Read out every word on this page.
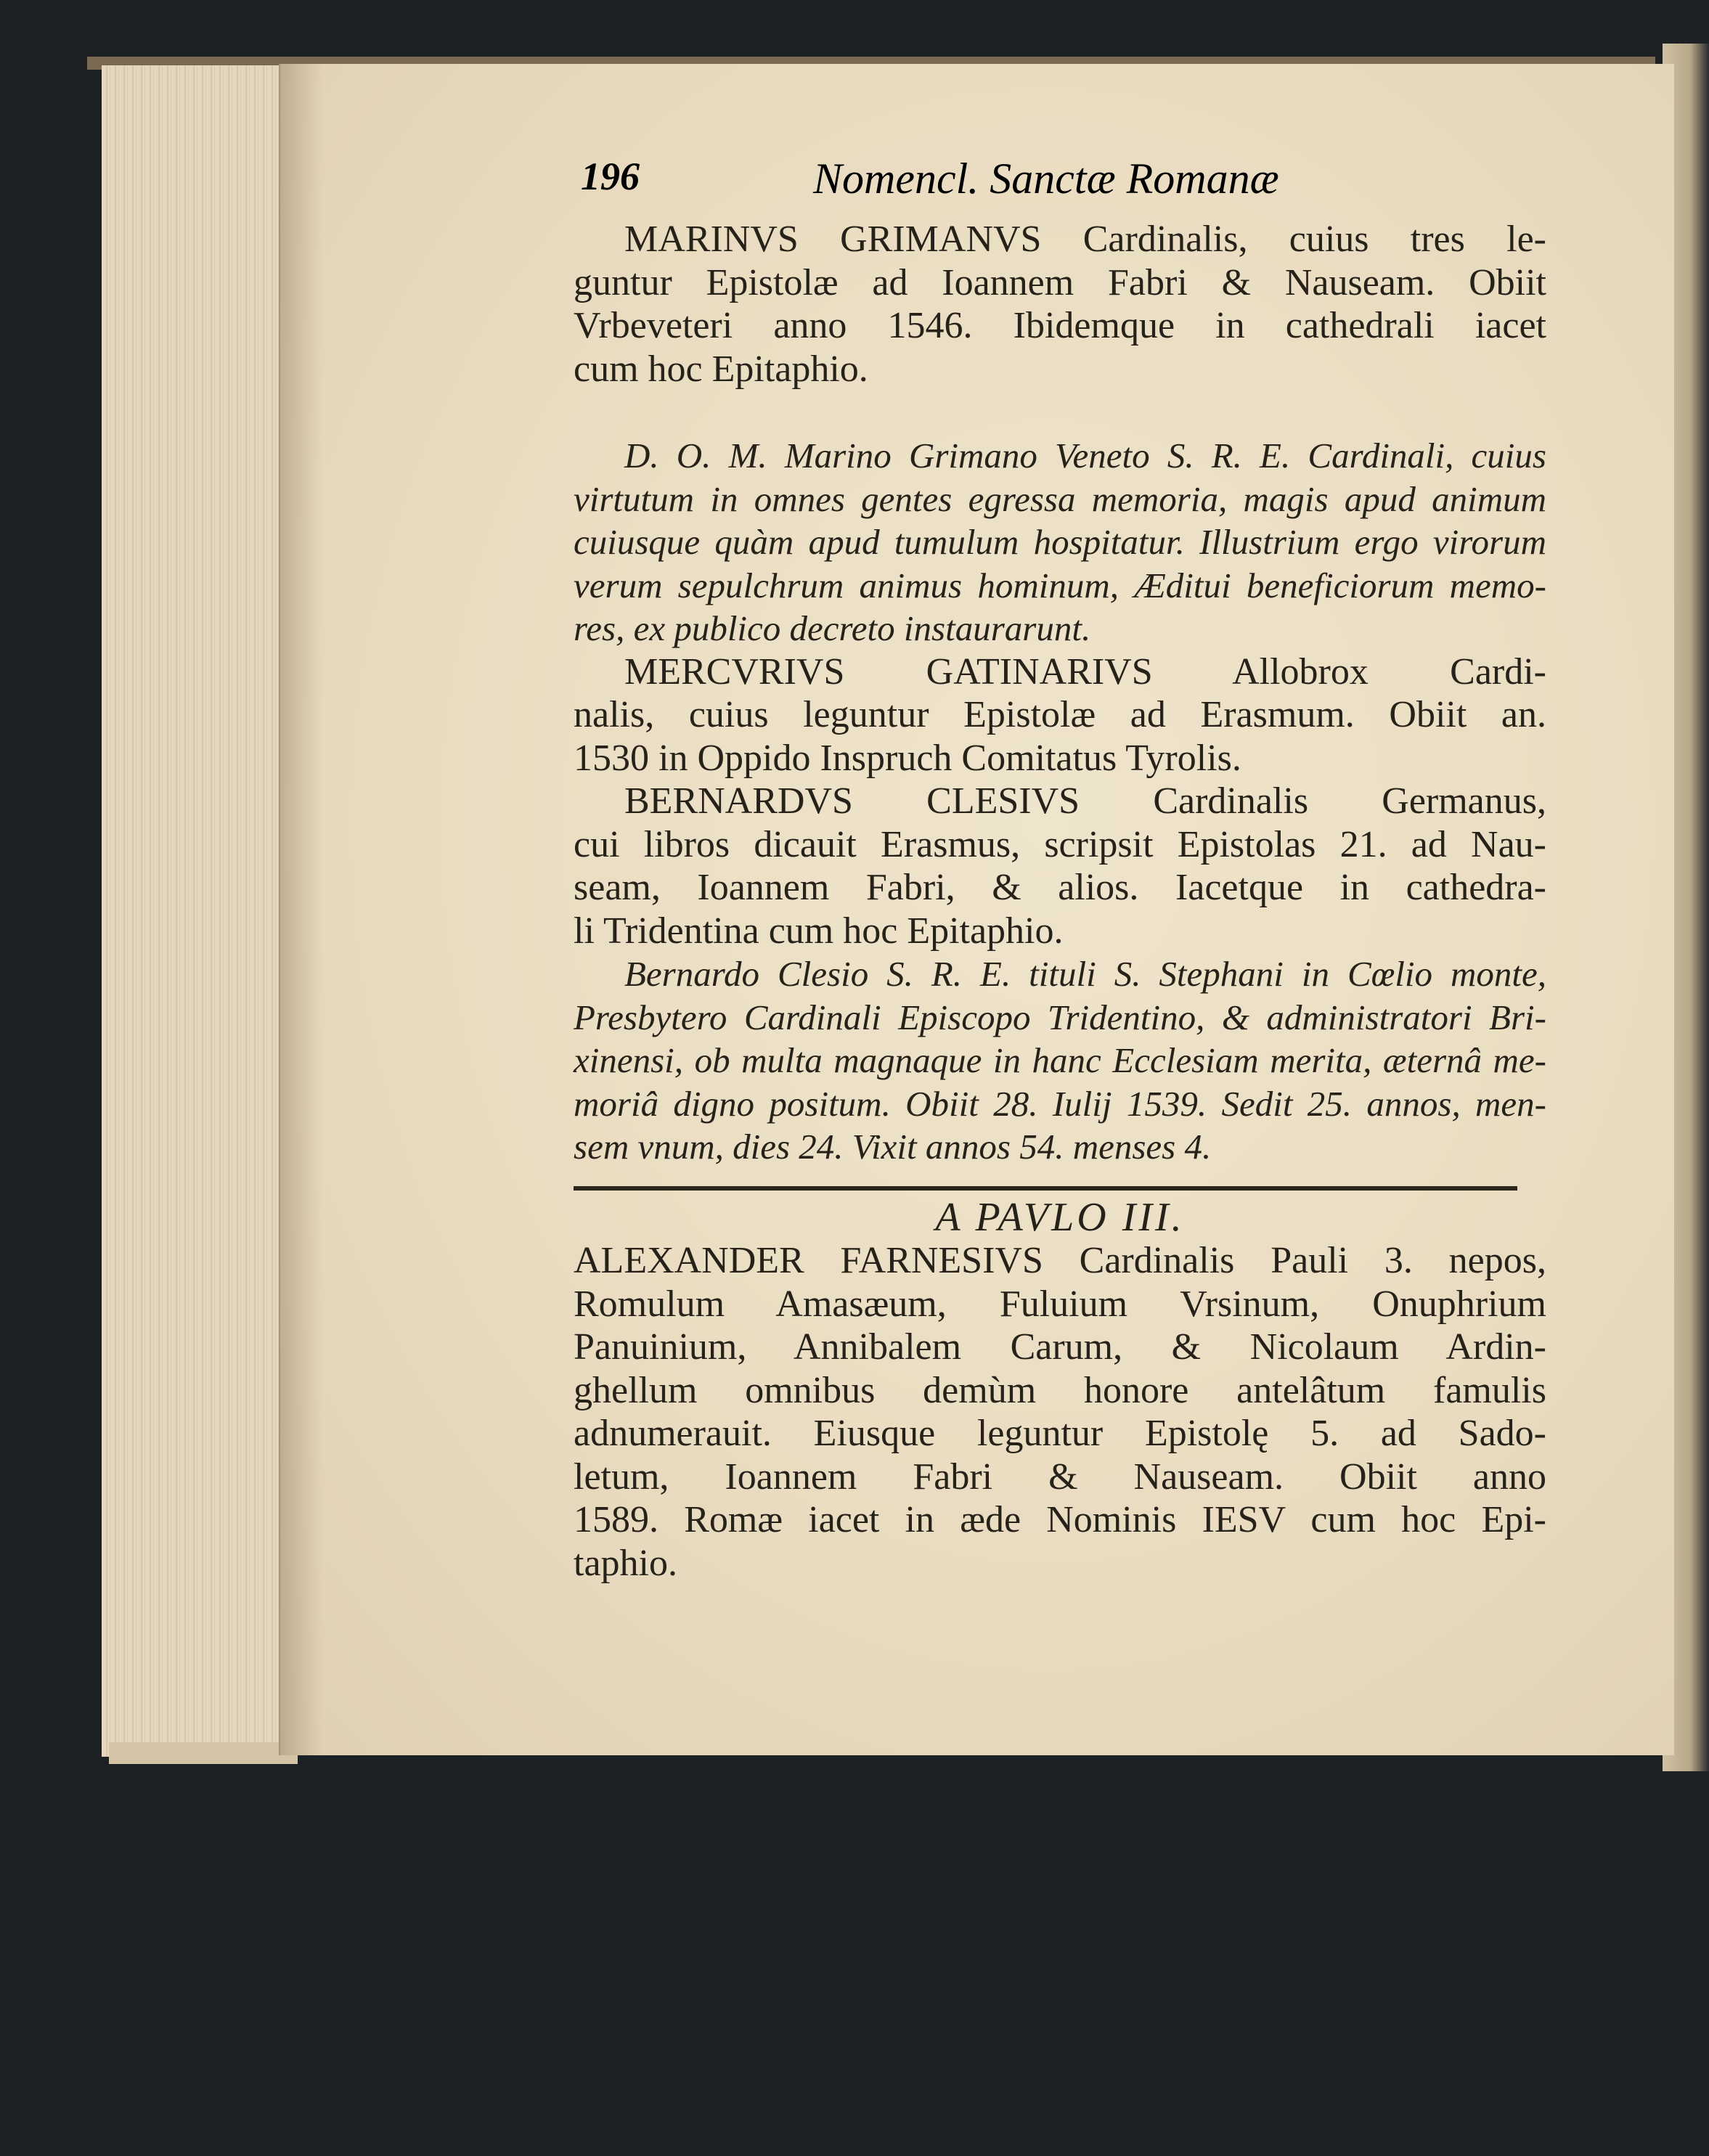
196	Nomencl. Sanctæ Romanæ
MARINVS GRIMANVS Cardinalis, cuius tres le-
guntur Epistolæ ad Ioannem Fabri & Nauseam. Obiit
Vrbeveteri anno 1546. Ibidemque in cathedrali iacet
cum hoc Epitaphio.
D. O. M. Marino Grimano Veneto S. R. E. Cardinali, cuius
virtutum in omnes gentes egressa memoria, magis apud animum
cuiusque quàm apud tumulum hospitatur. Illustrium ergo virorum
verum sepulchrum animus hominum, Æditui beneficiorum memo-
res, ex publico decreto instaurarunt.
MERCVRIVS GATINARIVS Allobrox Cardi-
nalis, cuius leguntur Epistolæ ad Erasmum. Obiit an.
1530 in Oppido Inspruch Comitatus Tyrolis.
BERNARDVS CLESIVS Cardinalis Germanus,
cui libros dicauit Erasmus, scripsit Epistolas 21. ad Nau-
seam, Ioannem Fabri, & alios. Iacetque in cathedra-
li Tridentina cum hoc Epitaphio.
Bernardo Clesio S. R. E. tituli S. Stephani in Cœlio monte,
Presbytero Cardinali Episcopo Tridentino, & administratori Bri-
xinensi, ob multa magnaque in hanc Ecclesiam merita, æternâ me-
moriâ digno positum. Obiit 28. Iulij 1539. Sedit 25. annos, men-
sem vnum, dies 24. Vixit annos 54. menses 4.
A PAVLO III.
ALEXANDER FARNESIVS Cardinalis Pauli 3. nepos,
Romulum Amasæum, Fuluium Vrsinum, Onuphrium
Panuinium, Annibalem Carum, & Nicolaum Ardin-
ghellum omnibus demùm honore antelâtum famulis
adnumerauit. Eiusque leguntur Epistolę 5. ad Sado-
letum, Ioannem Fabri & Nauseam. Obiit anno
1589. Romæ iacet in æde Nominis IESV cum hoc Epi-
taphio.
